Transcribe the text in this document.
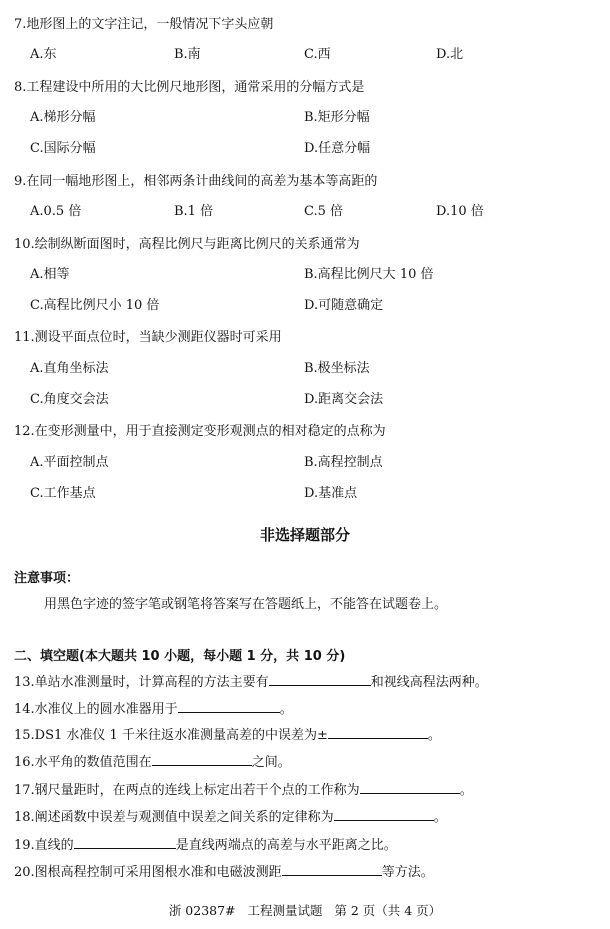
7.地形图上的文字注记，一般情况下字头应朝
A.东	B.南	C.西	D.北
8.工程建设中所用的大比例尺地形图，通常采用的分幅方式是
A.梯形分幅	B.矩形分幅
C.国际分幅	D.任意分幅
9.在同一幅地形图上，相邻两条计曲线间的高差为基本等高距的
A.0.5 倍	B.1 倍	C.5 倍	D.10 倍
10.绘制纵断面图时，高程比例尺与距离比例尺的关系通常为
A.相等	B.高程比例尺大 10 倍
C.高程比例尺小 10 倍	D.可随意确定
11.测设平面点位时，当缺少测距仪器时可采用
A.直角坐标法	B.极坐标法
C.角度交会法	D.距离交会法
12.在变形测量中，用于直接测定变形观测点的相对稳定的点称为
A.平面控制点	B.高程控制点
C.工作基点	D.基准点
非选择题部分
注意事项：
用黑色字迹的签字笔或钢笔将答案写在答题纸上，不能答在试题卷上。
二、填空题(本大题共 10 小题，每小题 1 分，共 10 分)
13.单站水准测量时，计算高程的方法主要有	和视线高程法两种。
14.水准仪上的圆水准器用于	。
15.DS1 水准仪 1 千米往返水准测量高差的中误差为±	。
16.水平角的数值范围在	之间。
17.钢尺量距时，在两点的连线上标定出若干个点的工作称为	。
18.阐述函数中误差与观测值中误差之间关系的定律称为	。
19.直线的	是直线两端点的高差与水平距离之比。
20.图根高程控制可采用图根水准和电磁波测距	等方法。
浙 02387#   工程测量试题   第 2 页（共 4 页）
